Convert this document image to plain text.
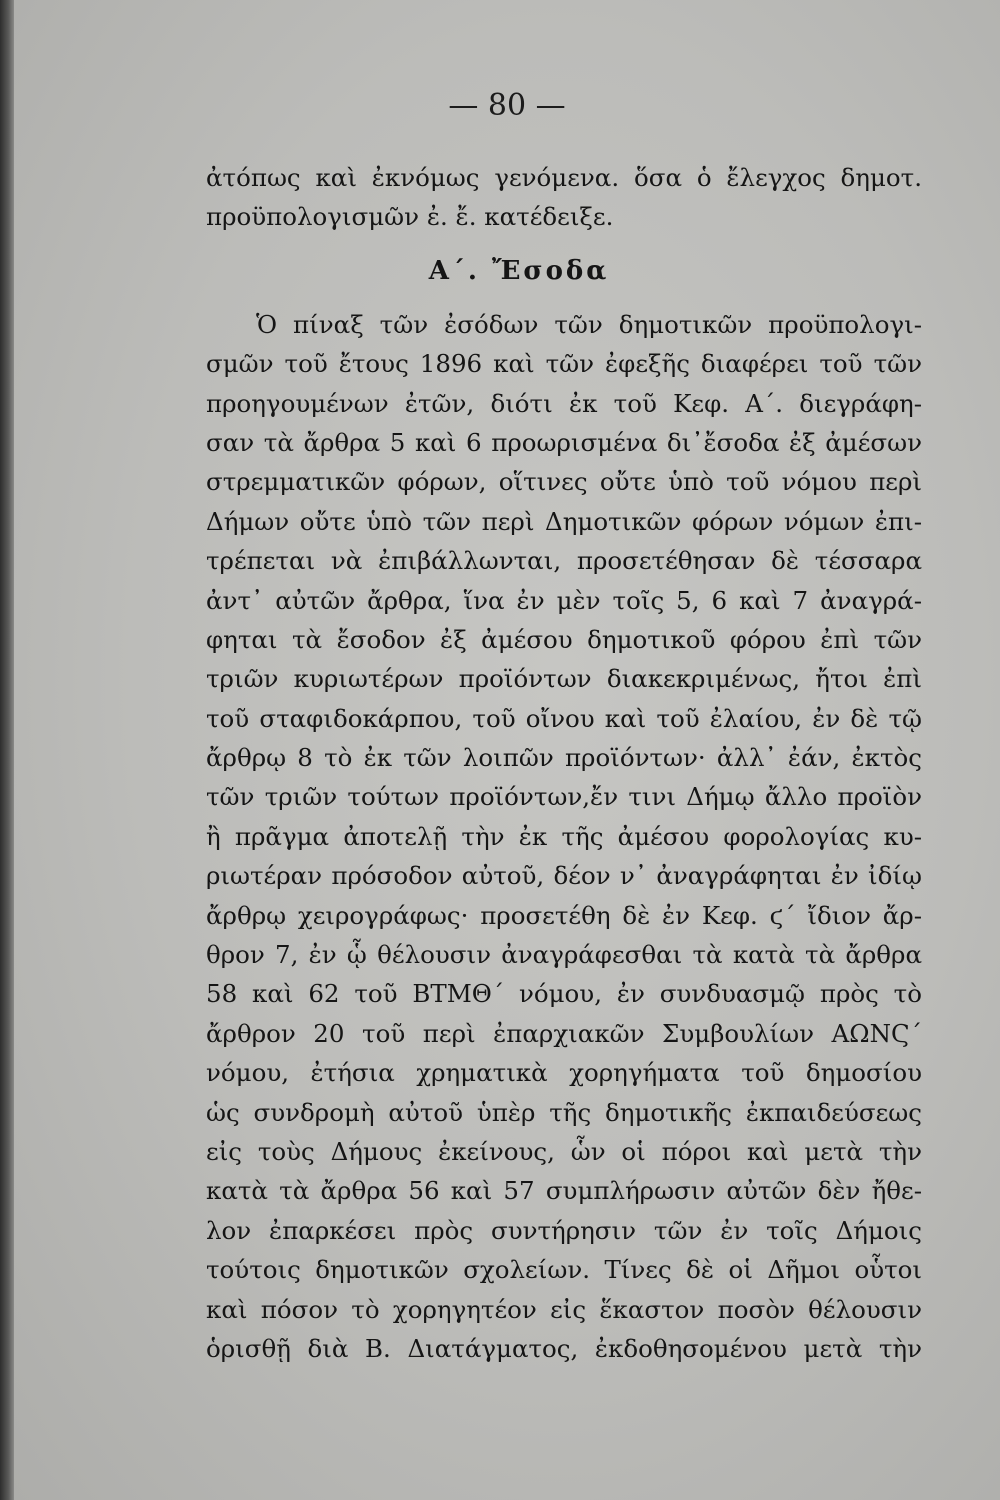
— 80 —
ἀτόπως καὶ ἐκνόμως γενόμενα. ὅσα ὁ ἔλεγχος δημοτ.
προϋπολογισμῶν ἐ. ἔ. κατέδειξε.
Α΄. Ἔσοδα
Ὁ πίναξ τῶν ἐσόδων τῶν δημοτικῶν προϋπολογι-
σμῶν τοῦ ἔτους 1896 καὶ τῶν ἐφεξῆς διαφέρει τοῦ τῶν
προηγουμένων ἐτῶν, διότι ἐκ τοῦ Κεφ. Α΄. διεγράφη-
σαν τὰ ἄρθρα 5 καὶ 6 προωρισμένα δι᾽ἔσοδα ἐξ ἀμέσων
στρεμματικῶν φόρων, οἵτινες οὔτε ὑπὸ τοῦ νόμου περὶ
Δήμων οὔτε ὑπὸ τῶν περὶ Δημοτικῶν φόρων νόμων ἐπι-
τρέπεται νὰ ἐπιβάλλωνται, προσετέθησαν δὲ τέσσαρα
ἀντ᾽ αὐτῶν ἄρθρα, ἵνα ἐν μὲν τοῖς 5, 6 καὶ 7 ἀναγρά-
φηται τὰ ἔσοδον ἐξ ἀμέσου δημοτικοῦ φόρου ἐπὶ τῶν
τριῶν κυριωτέρων προϊόντων διακεκριμένως, ἤτοι ἐπὶ
τοῦ σταφιδοκάρπου, τοῦ οἴνου καὶ τοῦ ἐλαίου, ἐν δὲ τῷ
ἄρθρῳ 8 τὸ ἐκ τῶν λοιπῶν προϊόντων· ἀλλ᾽ ἐάν, ἐκτὸς
τῶν τριῶν τούτων προϊόντων,ἔν τινι Δήμῳ ἄλλο προϊὸν
ἢ πρᾶγμα ἀποτελῇ τὴν ἐκ τῆς ἀμέσου φορολογίας κυ-
ριωτέραν πρόσοδον αὐτοῦ, δέον ν᾽ ἀναγράφηται ἐν ἰδίῳ
ἄρθρῳ χειρογράφως· προσετέθη δὲ ἐν Κεφ. ϛ΄ ἴδιον ἄρ-
θρον 7, ἐν ᾧ θέλουσιν ἀναγράφεσθαι τὰ κατὰ τὰ ἄρθρα
58 καὶ 62 τοῦ ΒΤΜΘ΄ νόμου, ἐν συνδυασμῷ πρὸς τὸ
ἄρθρον 20 τοῦ περὶ ἐπαρχιακῶν Συμβουλίων ΑΩΝϚ΄
νόμου, ἐτήσια χρηματικὰ χορηγήματα τοῦ δημοσίου
ὡς συνδρομὴ αὐτοῦ ὑπὲρ τῆς δημοτικῆς ἐκπαιδεύσεως
εἰς τοὺς Δήμους ἐκείνους, ὧν οἱ πόροι καὶ μετὰ τὴν
κατὰ τὰ ἄρθρα 56 καὶ 57 συμπλήρωσιν αὐτῶν δὲν ἤθε-
λον ἐπαρκέσει πρὸς συντήρησιν τῶν ἐν τοῖς Δήμοις
τούτοις δημοτικῶν σχολείων. Τίνες δὲ οἱ Δῆμοι οὗτοι
καὶ πόσον τὸ χορηγητέον εἰς ἕκαστον ποσὸν θέλουσιν
ὁρισθῇ διὰ Β. Διατάγματος, ἐκδοθησομένου μετὰ τὴν
